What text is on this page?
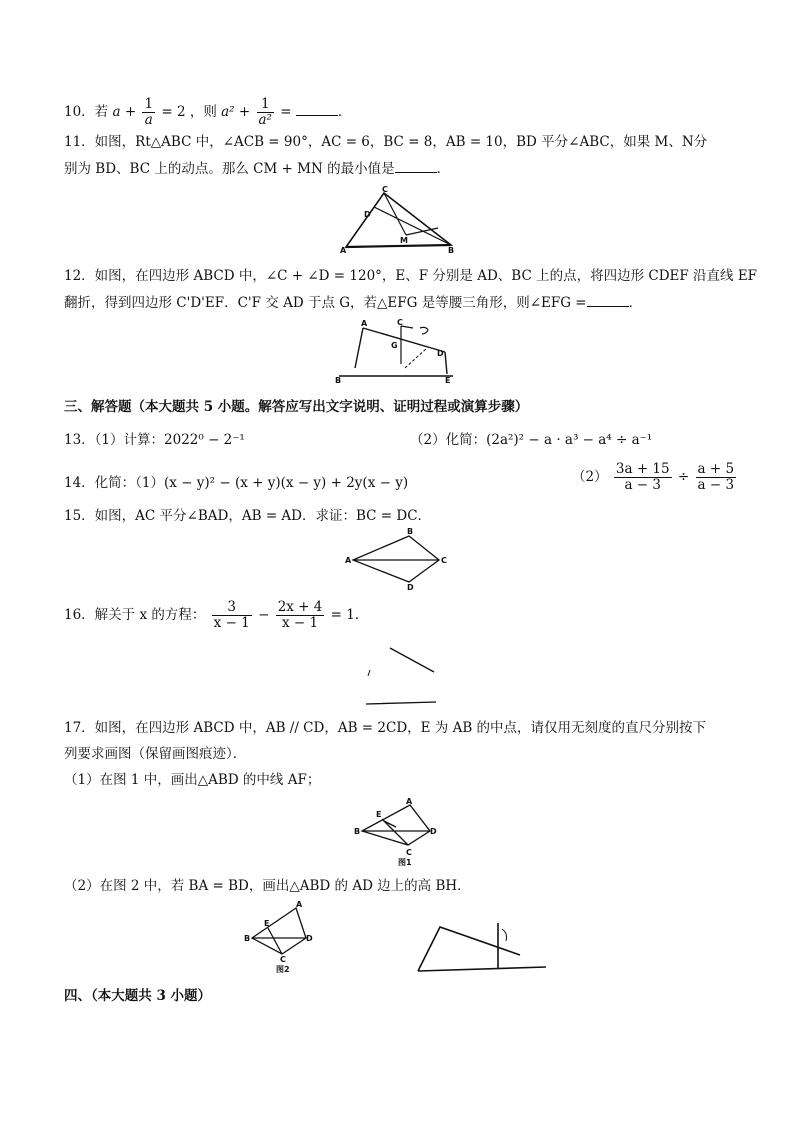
10．若 $a + \frac{1}{a} = 2$ ，则 $a^2 + \frac{1}{\text{a²}}$ =	．
11．如图，Rt△ABC 中，∠ACB = 90°，AC = 6，BC = 8，AB = 10，BD 平分∠ABC，如果 M、N分
别为 BD、BC 上的动点。那么 CM + MN 的最小值是	．
C
D
M
A	B
12．如图，在四边形 ABCD 中，∠C + ∠D = 120°，E、F 分别是 AD、BC 上的点，将四边形 CDEF 沿直线 EF
翻折，得到四边形 C'D'EF．C'F 交 AD 于点 G，若△EFG 是等腰三角形，则∠EFG =	．
A	C
D
B
G
E
三、解答题（本大题共 5 小题。解答应写出文字说明、证明过程或演算步骤）
13．（1）计算：2022⁰ − 2⁻¹	（2）化简：(2a²)² − a · a³ − a⁴ ÷ a⁻¹
14．化简：（1）(x − y)² − (x + y)(x − y) + 2y(x − y)	$(2) \frac{3a + 15}{a - 3} \div \frac{a + 5}{a - 3}$
15．如图，AC 平分∠BAD，AB = AD．求证：BC = DC．
A
B
C
D
16．解关于 x 的方程： $\frac{3}{x - 1} - \frac{2x + 4}{x - 1} = 1$．
17．如图，在四边形 ABCD 中，AB // CD，AB = 2CD，E 为 AB 的中点，请仅用无刻度的直尺分别按下
列要求画图（保留画图痕迹）．
（1）在图 1 中，画出△ABD 的中线 AF；
A
B
E
D
C
图1
（2）在图 2 中，若 BA = BD，画出△ABD 的 AD 边上的高 BH．
A
B
E
D
C
图2
四、（本大题共 3 小题）
